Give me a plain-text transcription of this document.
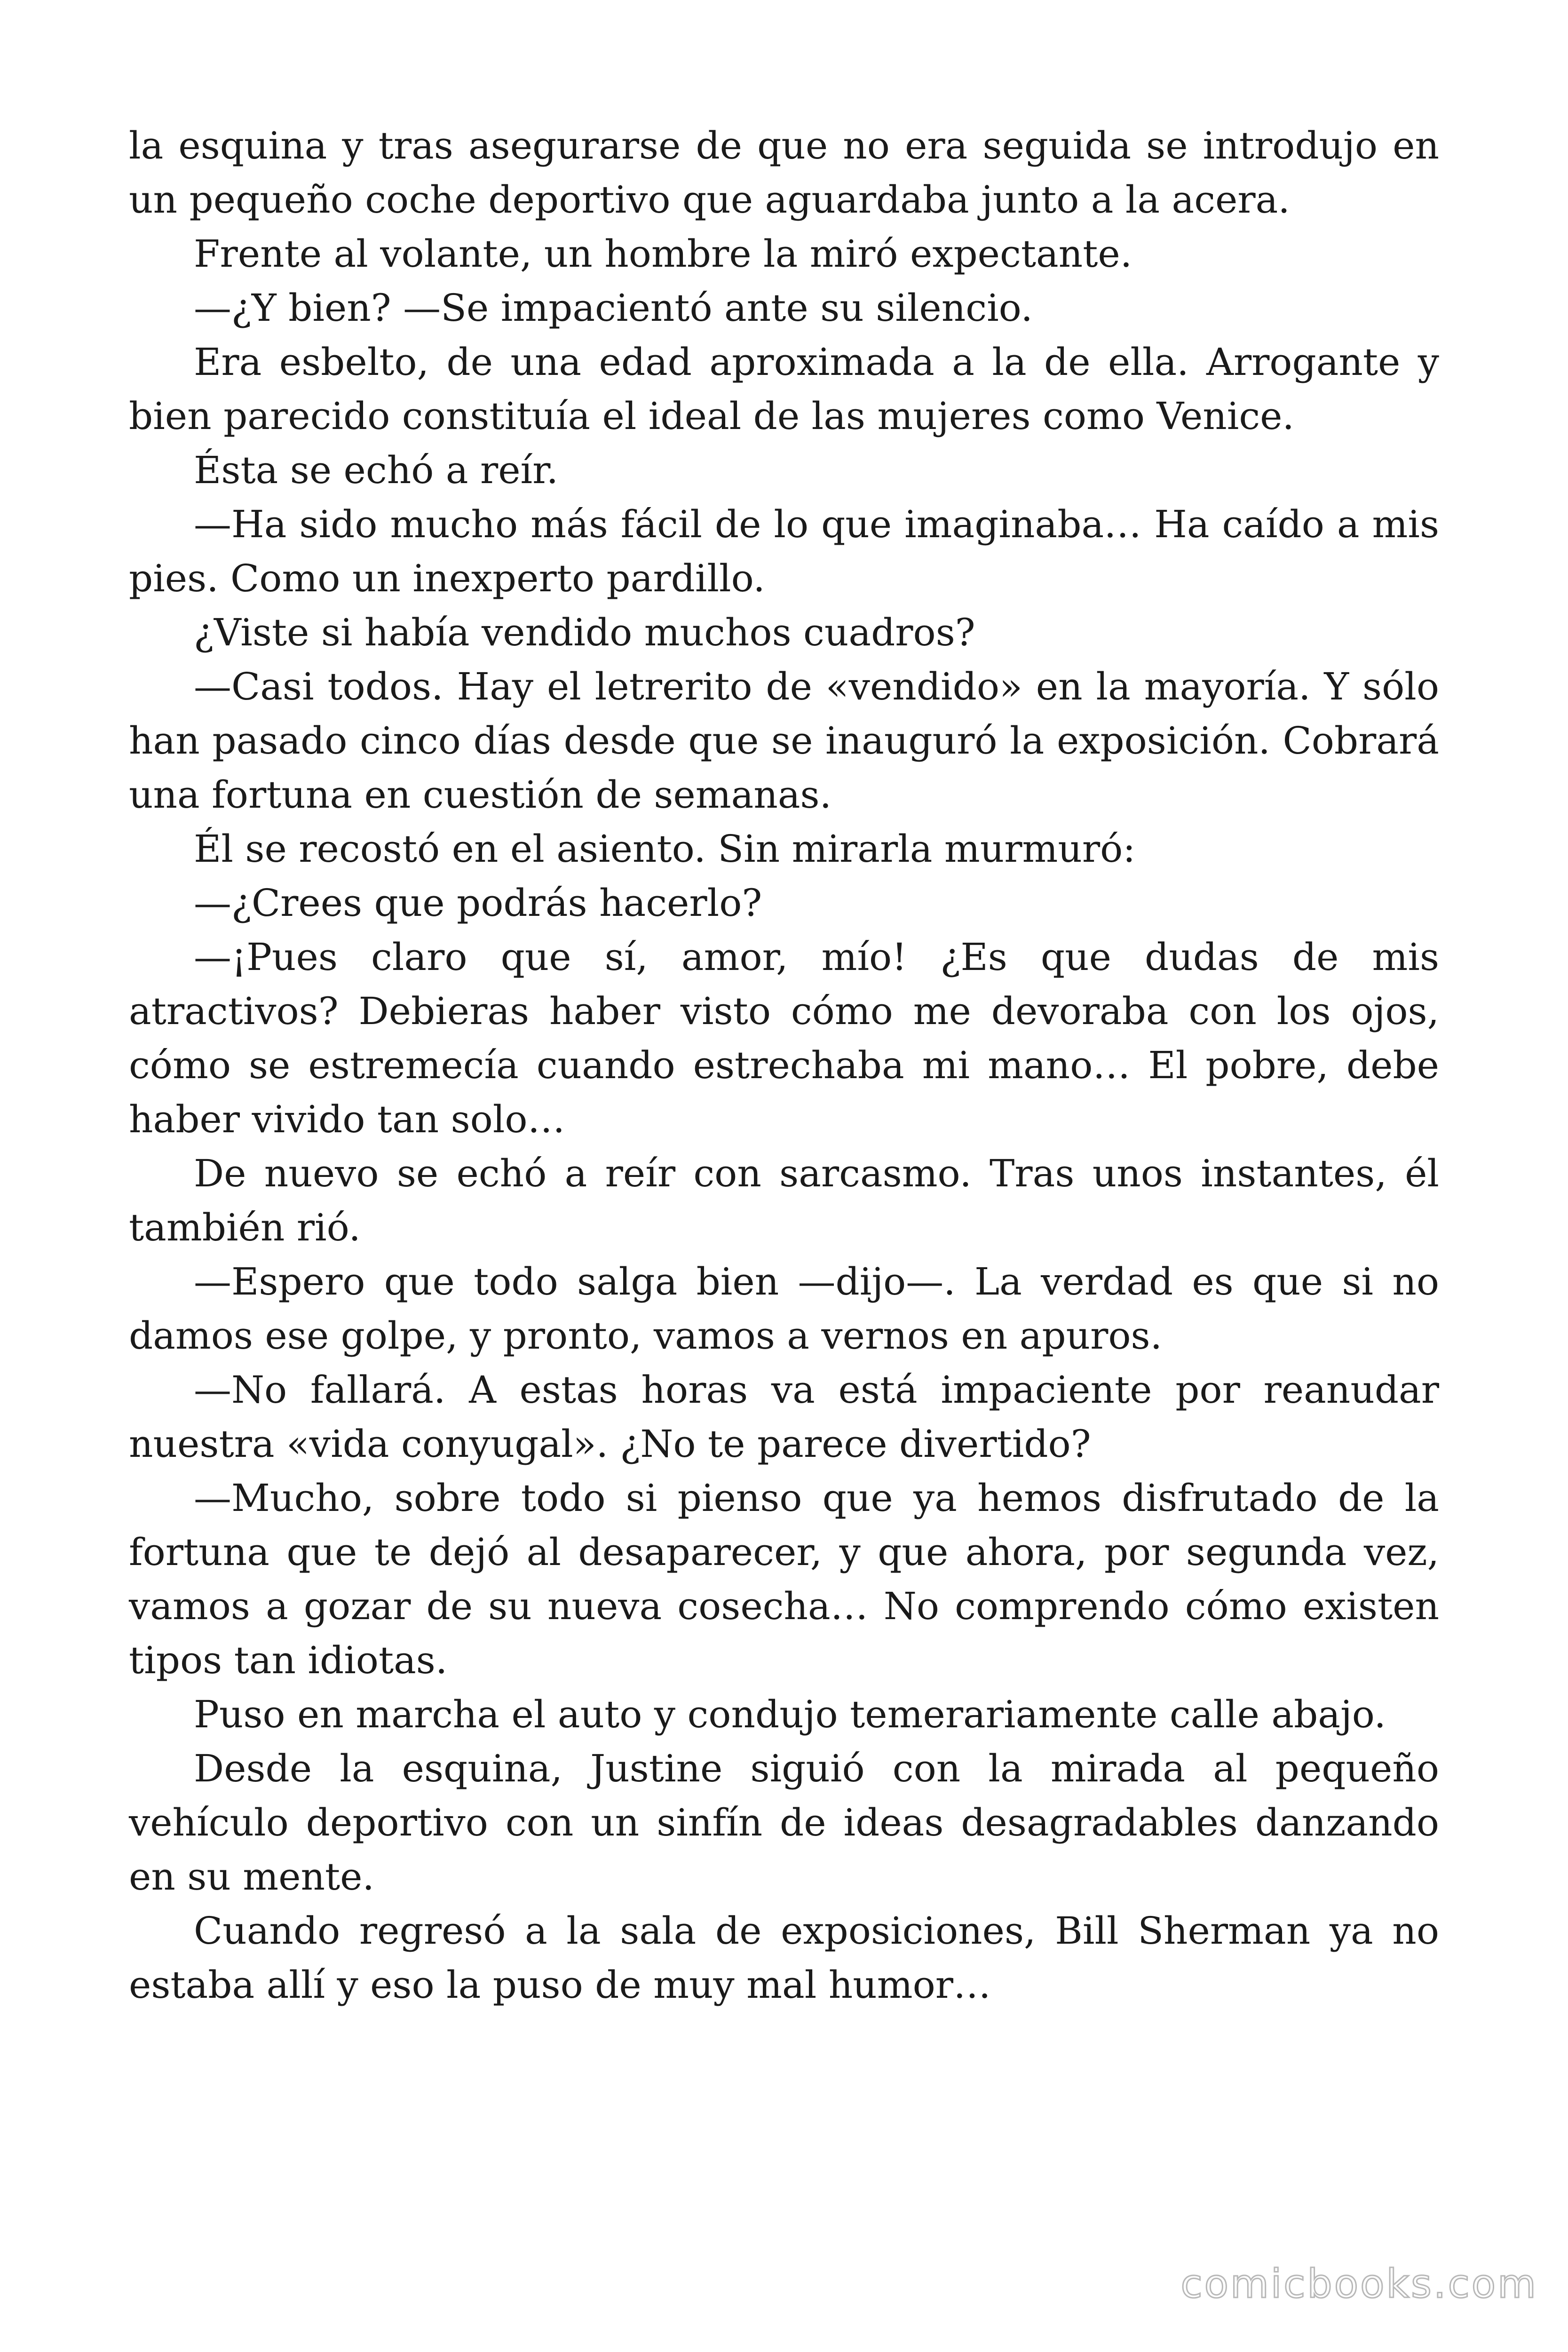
la esquina y tras asegurarse de que no era seguida se introdujo en un pequeño coche deportivo que aguardaba junto a la acera.

Frente al volante, un hombre la miró expectante.

—¿Y bien? —Se impacientó ante su silencio.

Era esbelto, de una edad aproximada a la de ella. Arrogante y bien parecido constituía el ideal de las mujeres como Venice.

Ésta se echó a reír.

—Ha sido mucho más fácil de lo que imaginaba… Ha caído a mis pies. Como un inexperto pardillo.

¿Viste si había vendido muchos cuadros?

—Casi todos. Hay el letrerito de «vendido» en la mayoría. Y sólo han pasado cinco días desde que se inauguró la exposición. Cobrará una fortuna en cuestión de semanas.

Él se recostó en el asiento. Sin mirarla murmuró:

—¿Crees que podrás hacerlo?

—¡Pues claro que sí, amor, mío! ¿Es que dudas de mis atractivos? Debieras haber visto cómo me devoraba con los ojos, cómo se estremecía cuando estrechaba mi mano… El pobre, debe haber vivido tan solo…

De nuevo se echó a reír con sarcasmo. Tras unos instantes, él también rió.

—Espero que todo salga bien —dijo—. La verdad es que si no damos ese golpe, y pronto, vamos a vernos en apuros.

—No fallará. A estas horas va está impaciente por reanudar nuestra «vida conyugal». ¿No te parece divertido?

—Mucho, sobre todo si pienso que ya hemos disfrutado de la fortuna que te dejó al desaparecer, y que ahora, por segunda vez, vamos a gozar de su nueva cosecha… No comprendo cómo existen tipos tan idiotas.

Puso en marcha el auto y condujo temerariamente calle abajo.

Desde la esquina, Justine siguió con la mirada al pequeño vehículo deportivo con un sinfín de ideas desagradables danzando en su mente.

Cuando regresó a la sala de exposiciones, Bill Sherman ya no estaba allí y eso la puso de muy mal humor…

comicbooks.com
